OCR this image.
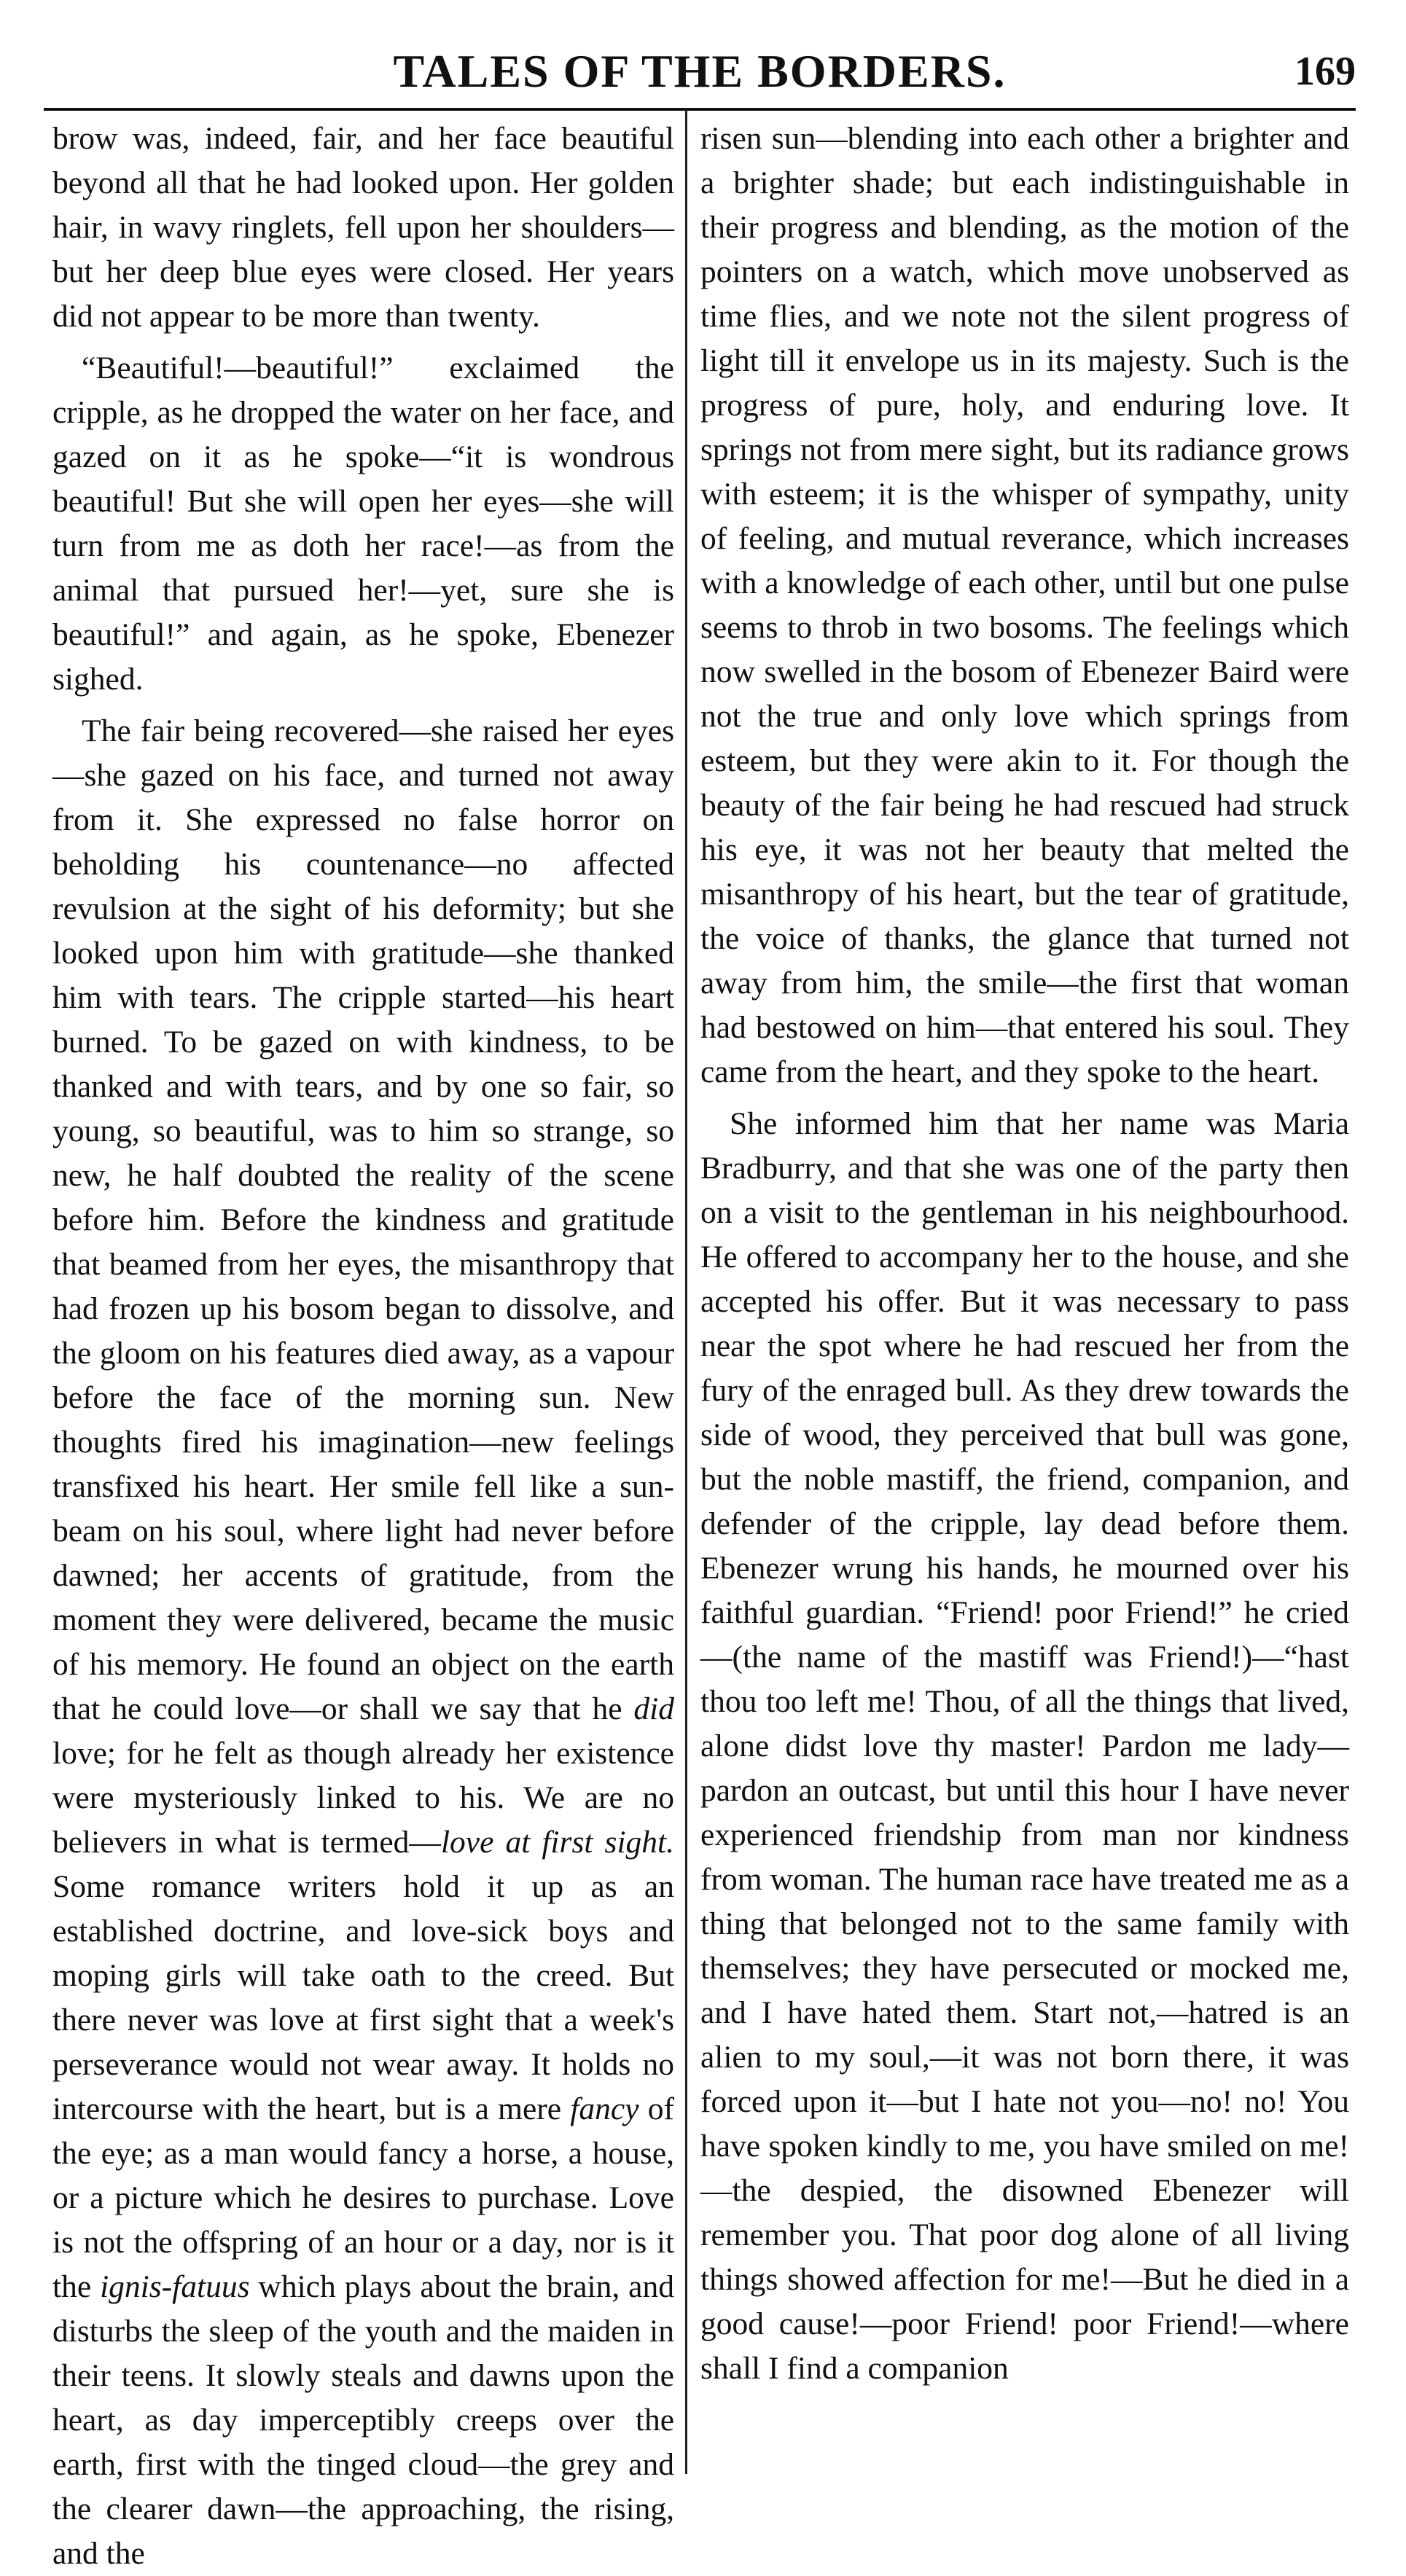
TALES OF THE BORDERS.	169

brow was, indeed, fair, and her face beautiful beyond all that he had looked upon. Her golden hair, in wavy ringlets, fell upon her shoulders—but her deep blue eyes were closed. Her years did not appear to be more than twenty.

“Beautiful!—beautiful!” exclaimed the cripple, as he dropped the water on her face, and gazed on it as he spoke—“it is wondrous beautiful! But she will open her eyes—she will turn from me as doth her race!—as from the animal that pursued her!—yet, sure she is beautiful!” and again, as he spoke, Ebenezer sighed.

The fair being recovered—she raised her eyes—she gazed on his face, and turned not away from it. She expressed no false horror on beholding his countenance—no affected revulsion at the sight of his deformity; but she looked upon him with gratitude—she thanked him with tears. The cripple started—his heart burned. To be gazed on with kindness, to be thanked and with tears, and by one so fair, so young, so beautiful, was to him so strange, so new, he half doubted the reality of the scene before him. Before the kindness and gratitude that beamed from her eyes, the misanthropy that had frozen up his bosom began to dissolve, and the gloom on his features died away, as a vapour before the face of the morning sun. New thoughts fired his imagination—new feelings transfixed his heart. Her smile fell like a sun-beam on his soul, where light had never before dawned; her accents of gratitude, from the moment they were delivered, became the music of his memory. He found an object on the earth that he could love—or shall we say that he did love; for he felt as though already her existence were mysteriously linked to his. We are no believers in what is termed—love at first sight. Some romance writers hold it up as an established doctrine, and love-sick boys and moping girls will take oath to the creed. But there never was love at first sight that a week's perseverance would not wear away. It holds no intercourse with the heart, but is a mere fancy of the eye; as a man would fancy a horse, a house, or a picture which he desires to purchase. Love is not the offspring of an hour or a day, nor is it the ignis-fatuus which plays about the brain, and disturbs the sleep of the youth and the maiden in their teens. It slowly steals and dawns upon the heart, as day imperceptibly creeps over the earth, first with the tinged cloud—the grey and the clearer dawn—the approaching, the rising, and the

risen sun—blending into each other a brighter and a brighter shade; but each indistinguishable in their progress and blending, as the motion of the pointers on a watch, which move unobserved as time flies, and we note not the silent progress of light till it envelope us in its majesty. Such is the progress of pure, holy, and enduring love. It springs not from mere sight, but its radiance grows with esteem; it is the whisper of sympathy, unity of feeling, and mutual reverance, which increases with a knowledge of each other, until but one pulse seems to throb in two bosoms. The feelings which now swelled in the bosom of Ebenezer Baird were not the true and only love which springs from esteem, but they were akin to it. For though the beauty of the fair being he had rescued had struck his eye, it was not her beauty that melted the misanthropy of his heart, but the tear of gratitude, the voice of thanks, the glance that turned not away from him, the smile—the first that woman had bestowed on him—that entered his soul. They came from the heart, and they spoke to the heart.

She informed him that her name was Maria Bradburry, and that she was one of the party then on a visit to the gentleman in his neighbourhood. He offered to accompany her to the house, and she accepted his offer. But it was necessary to pass near the spot where he had rescued her from the fury of the enraged bull. As they drew towards the side of wood, they perceived that bull was gone, but the noble mastiff, the friend, companion, and defender of the cripple, lay dead before them. Ebenezer wrung his hands, he mourned over his faithful guardian. “Friend! poor Friend!” he cried—(the name of the mastiff was Friend!)—“hast thou too left me! Thou, of all the things that lived, alone didst love thy master! Pardon me lady—pardon an outcast, but until this hour I have never experienced friendship from man nor kindness from woman. The human race have treated me as a thing that belonged not to the same family with themselves; they have persecuted or mocked me, and I have hated them. Start not,—hatred is an alien to my soul,—it was not born there, it was forced upon it—but I hate not you—no! no! You have spoken kindly to me, you have smiled on me!—the despied, the disowned Ebenezer will remember you. That poor dog alone of all living things showed affection for me!—But he died in a good cause!—poor Friend! poor Friend!—where shall I find a companion
